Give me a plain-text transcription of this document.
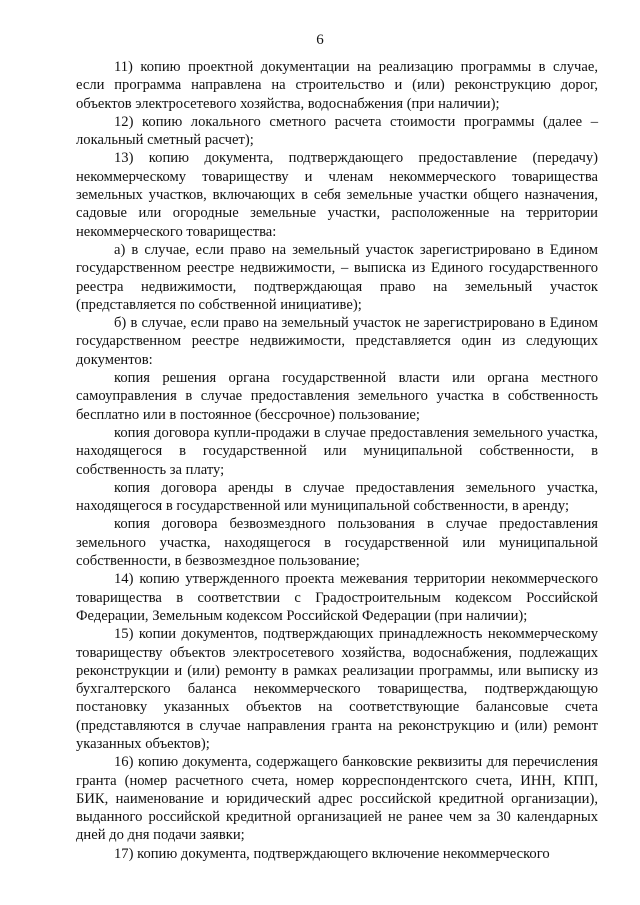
6

11) копию проектной документации на реализацию программы в случае, если программа направлена на строительство и (или) реконструкцию дорог, объектов электросетевого хозяйства, водоснабжения (при наличии);

12) копию локального сметного расчета стоимости программы (далее – локальный сметный расчет);

13) копию документа, подтверждающего предоставление (передачу) некоммерческому товариществу и членам некоммерческого товарищества земельных участков, включающих в себя земельные участки общего назначения, садовые или огородные земельные участки, расположенные на территории некоммерческого товарищества:

а) в случае, если право на земельный участок зарегистрировано в Едином государственном реестре недвижимости, – выписка из Единого государственного реестра недвижимости, подтверждающая право на земельный участок (представляется по собственной инициативе);

б) в случае, если право на земельный участок не зарегистрировано в Едином государственном реестре недвижимости, представляется один из следующих документов:

копия решения органа государственной власти или органа местного самоуправления в случае предоставления земельного участка в собственность бесплатно или в постоянное (бессрочное) пользование;

копия договора купли-продажи в случае предоставления земельного участка, находящегося в государственной или муниципальной собственности, в собственность за плату;

копия договора аренды в случае предоставления земельного участка, находящегося в государственной или муниципальной собственности, в аренду;

копия договора безвозмездного пользования в случае предоставления земельного участка, находящегося в государственной или муниципальной собственности, в безвозмездное пользование;

14) копию утвержденного проекта межевания территории некоммерческого товарищества в соответствии с Градостроительным кодексом Российской Федерации, Земельным кодексом Российской Федерации (при наличии);

15) копии документов, подтверждающих принадлежность некоммерческому товариществу объектов электросетевого хозяйства, водоснабжения, подлежащих реконструкции и (или) ремонту в рамках реализации программы, или выписку из бухгалтерского баланса некоммерческого товарищества, подтверждающую постановку указанных объектов на соответствующие балансовые счета (представляются в случае направления гранта на реконструкцию и (или) ремонт указанных объектов);

16) копию документа, содержащего банковские реквизиты для перечисления гранта (номер расчетного счета, номер корреспондентского счета, ИНН, КПП, БИК, наименование и юридический адрес российской кредитной организации), выданного российской кредитной организацией не ранее чем за 30 календарных дней до дня подачи заявки;

17) копию документа, подтверждающего включение некоммерческого
